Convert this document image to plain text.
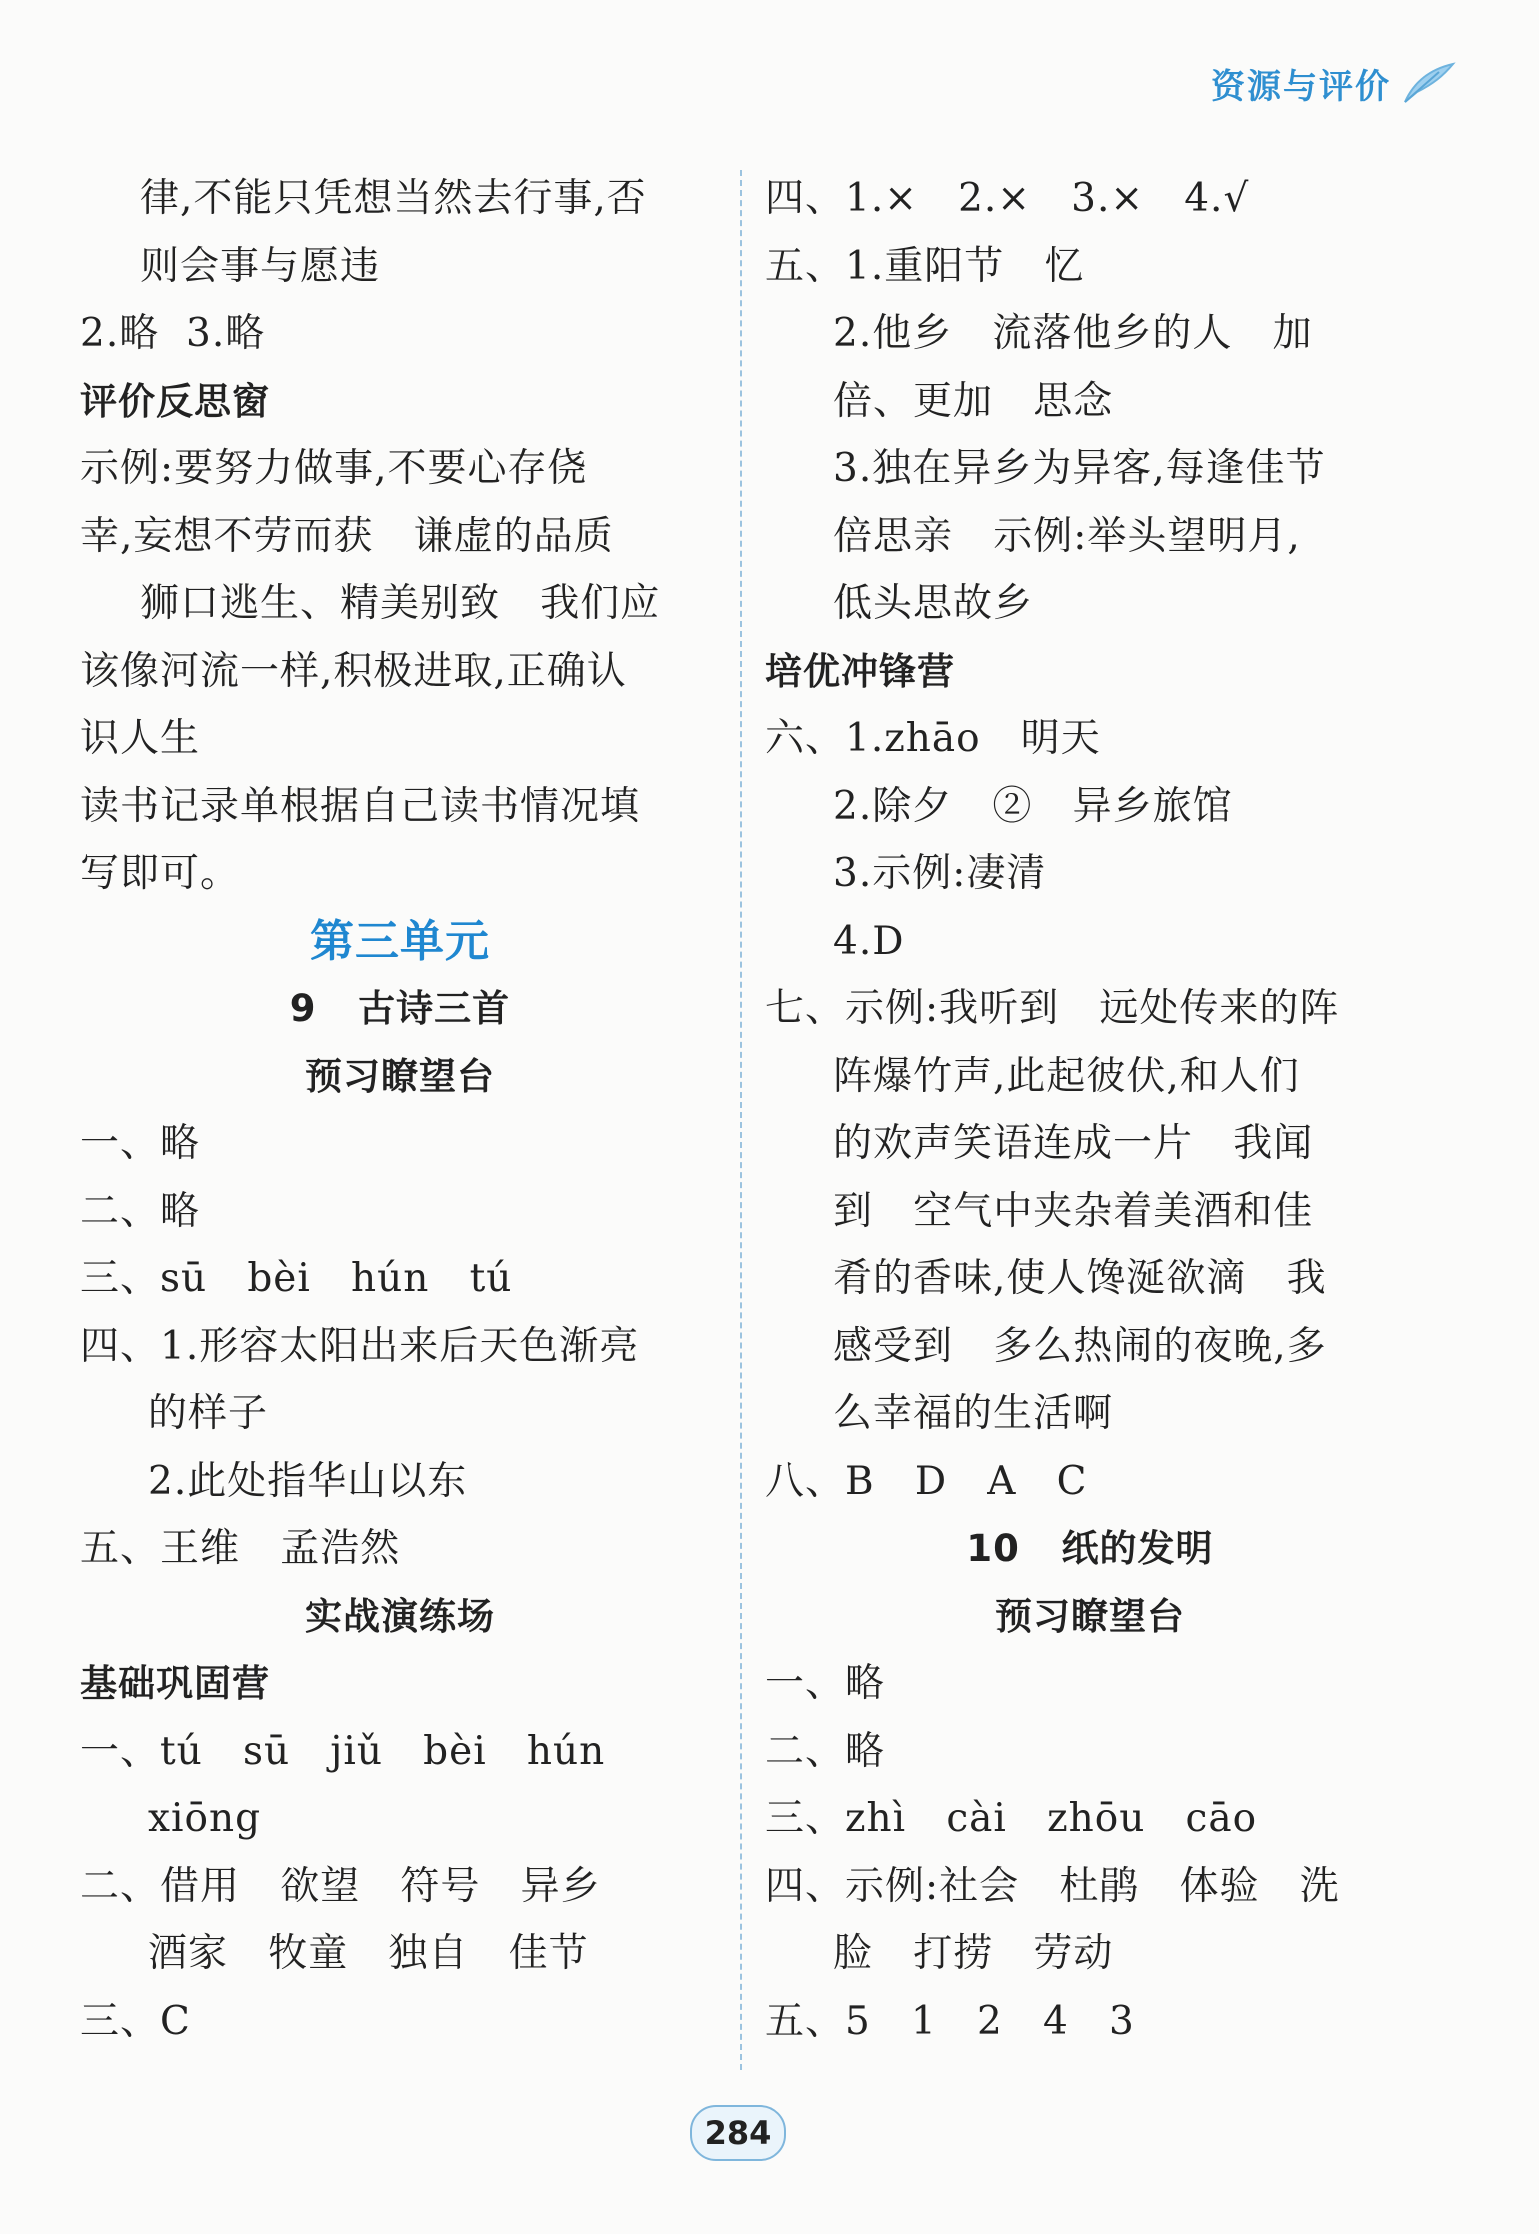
资源与评价
律,不能只凭想当然去行事,否
则会事与愿违
2.略  3.略
评价反思窗
示例:要努力做事,不要心存侥
幸,妄想不劳而获   谦虚的品质
狮口逃生、精美别致   我们应
该像河流一样,积极进取,正确认
识人生
读书记录单根据自己读书情况填
写即可。
第三单元
9   古诗三首
预习瞭望台
一、略
二、略
三、sū   bèi   hún   tú
四、1.形容太阳出来后天色渐亮
的样子
2.此处指华山以东
五、王维   孟浩然
实战演练场
基础巩固营
一、tú   sū   jiǔ   bèi   hún
xiōng
二、借用   欲望   符号   异乡
酒家   牧童   独自   佳节
三、C
四、1.×   2.×   3.×   4.√
五、1.重阳节   忆
2.他乡   流落他乡的人   加
倍、更加   思念
3.独在异乡为异客,每逢佳节
倍思亲   示例:举头望明月,
低头思故乡
培优冲锋营
六、1.zhāo   明天
2.除夕   ②   异乡旅馆
3.示例:凄清
4.D
七、示例:我听到   远处传来的阵
阵爆竹声,此起彼伏,和人们
的欢声笑语连成一片   我闻
到   空气中夹杂着美酒和佳
肴的香味,使人馋涎欲滴   我
感受到   多么热闹的夜晚,多
么幸福的生活啊
八、B   D   A   C
10   纸的发明
预习瞭望台
一、略
二、略
三、zhì   cài   zhōu   cāo
四、示例:社会   杜鹃   体验   洗
脸   打捞   劳动
五、5   1   2   4   3
284
